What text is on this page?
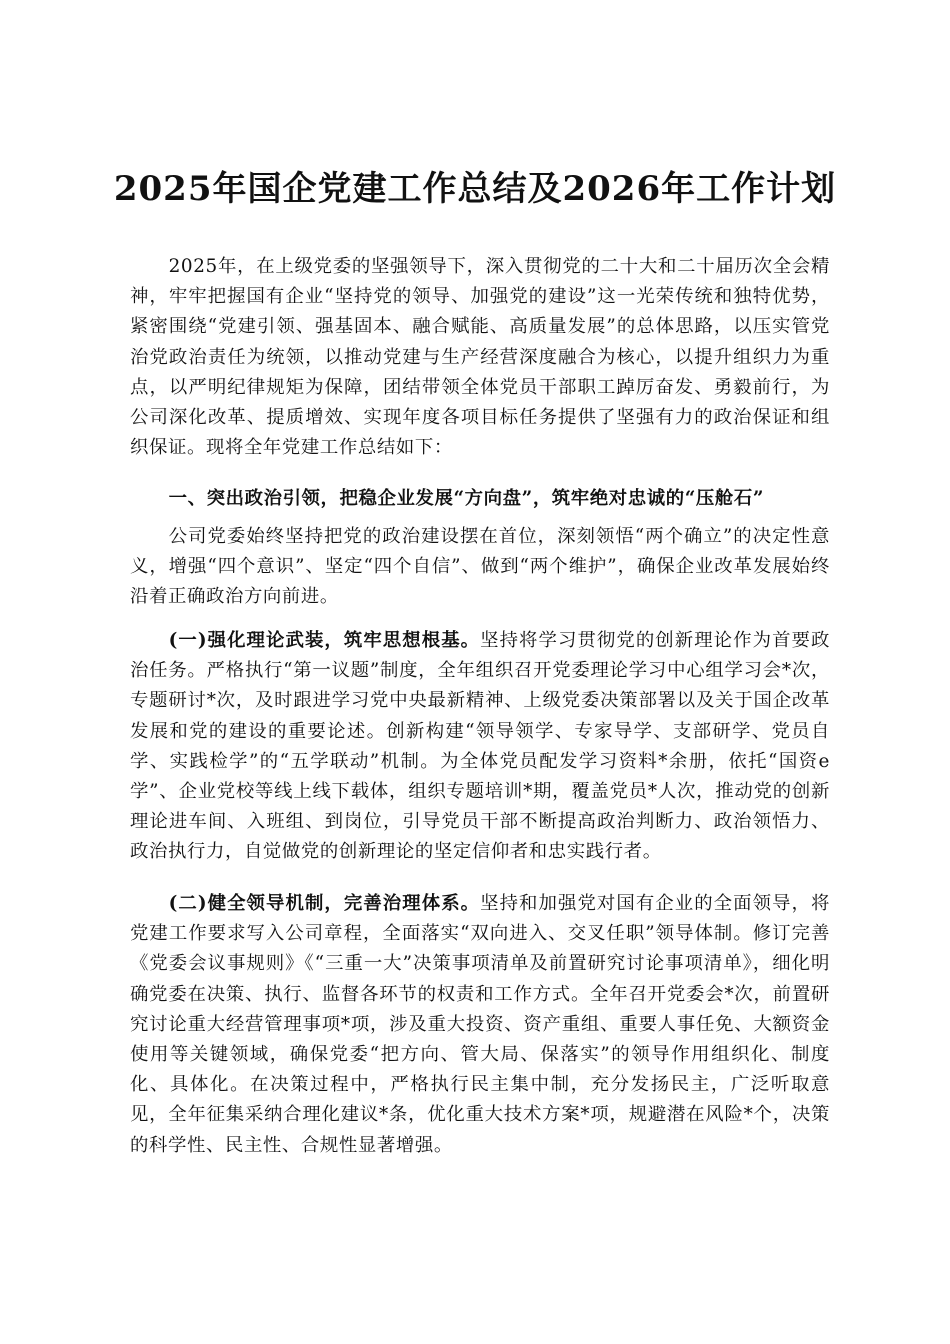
2025年国企党建工作总结及2026年工作计划

2025年，在上级党委的坚强领导下，深入贯彻党的二十大和二十届历次全会精神，牢牢把握国有企业“坚持党的领导、加强党的建设”这一光荣传统和独特优势，紧密围绕“党建引领、强基固本、融合赋能、高质量发展”的总体思路，以压实管党治党政治责任为统领，以推动党建与生产经营深度融合为核心，以提升组织力为重点，以严明纪律规矩为保障，团结带领全体党员干部职工踔厉奋发、勇毅前行，为公司深化改革、提质增效、实现年度各项目标任务提供了坚强有力的政治保证和组织保证。现将全年党建工作总结如下：

一、突出政治引领，把稳企业发展“方向盘”，筑牢绝对忠诚的“压舱石”

公司党委始终坚持把党的政治建设摆在首位，深刻领悟“两个确立”的决定性意义，增强“四个意识”、坚定“四个自信”、做到“两个维护”，确保企业改革发展始终沿着正确政治方向前进。

(一)强化理论武装，筑牢思想根基。坚持将学习贯彻党的创新理论作为首要政治任务。严格执行“第一议题”制度，全年组织召开党委理论学习中心组学习会*次，专题研讨*次，及时跟进学习党中央最新精神、上级党委决策部署以及关于国企改革发展和党的建设的重要论述。创新构建“领导领学、专家导学、支部研学、党员自学、实践检学”的“五学联动”机制。为全体党员配发学习资料*余册，依托“国资e学”、企业党校等线上线下载体，组织专题培训*期，覆盖党员*人次，推动党的创新理论进车间、入班组、到岗位，引导党员干部不断提高政治判断力、政治领悟力、政治执行力，自觉做党的创新理论的坚定信仰者和忠实践行者。

(二)健全领导机制，完善治理体系。坚持和加强党对国有企业的全面领导，将党建工作要求写入公司章程，全面落实“双向进入、交叉任职”领导体制。修订完善《党委会议事规则》《“三重一大”决策事项清单及前置研究讨论事项清单》，细化明确党委在决策、执行、监督各环节的权责和工作方式。全年召开党委会*次，前置研究讨论重大经营管理事项*项，涉及重大投资、资产重组、重要人事任免、大额资金使用等关键领域，确保党委“把方向、管大局、保落实”的领导作用组织化、制度化、具体化。在决策过程中，严格执行民主集中制，充分发扬民主，广泛听取意见，全年征集采纳合理化建议*条，优化重大技术方案*项，规避潜在风险*个，决策的科学性、民主性、合规性显著增强。
